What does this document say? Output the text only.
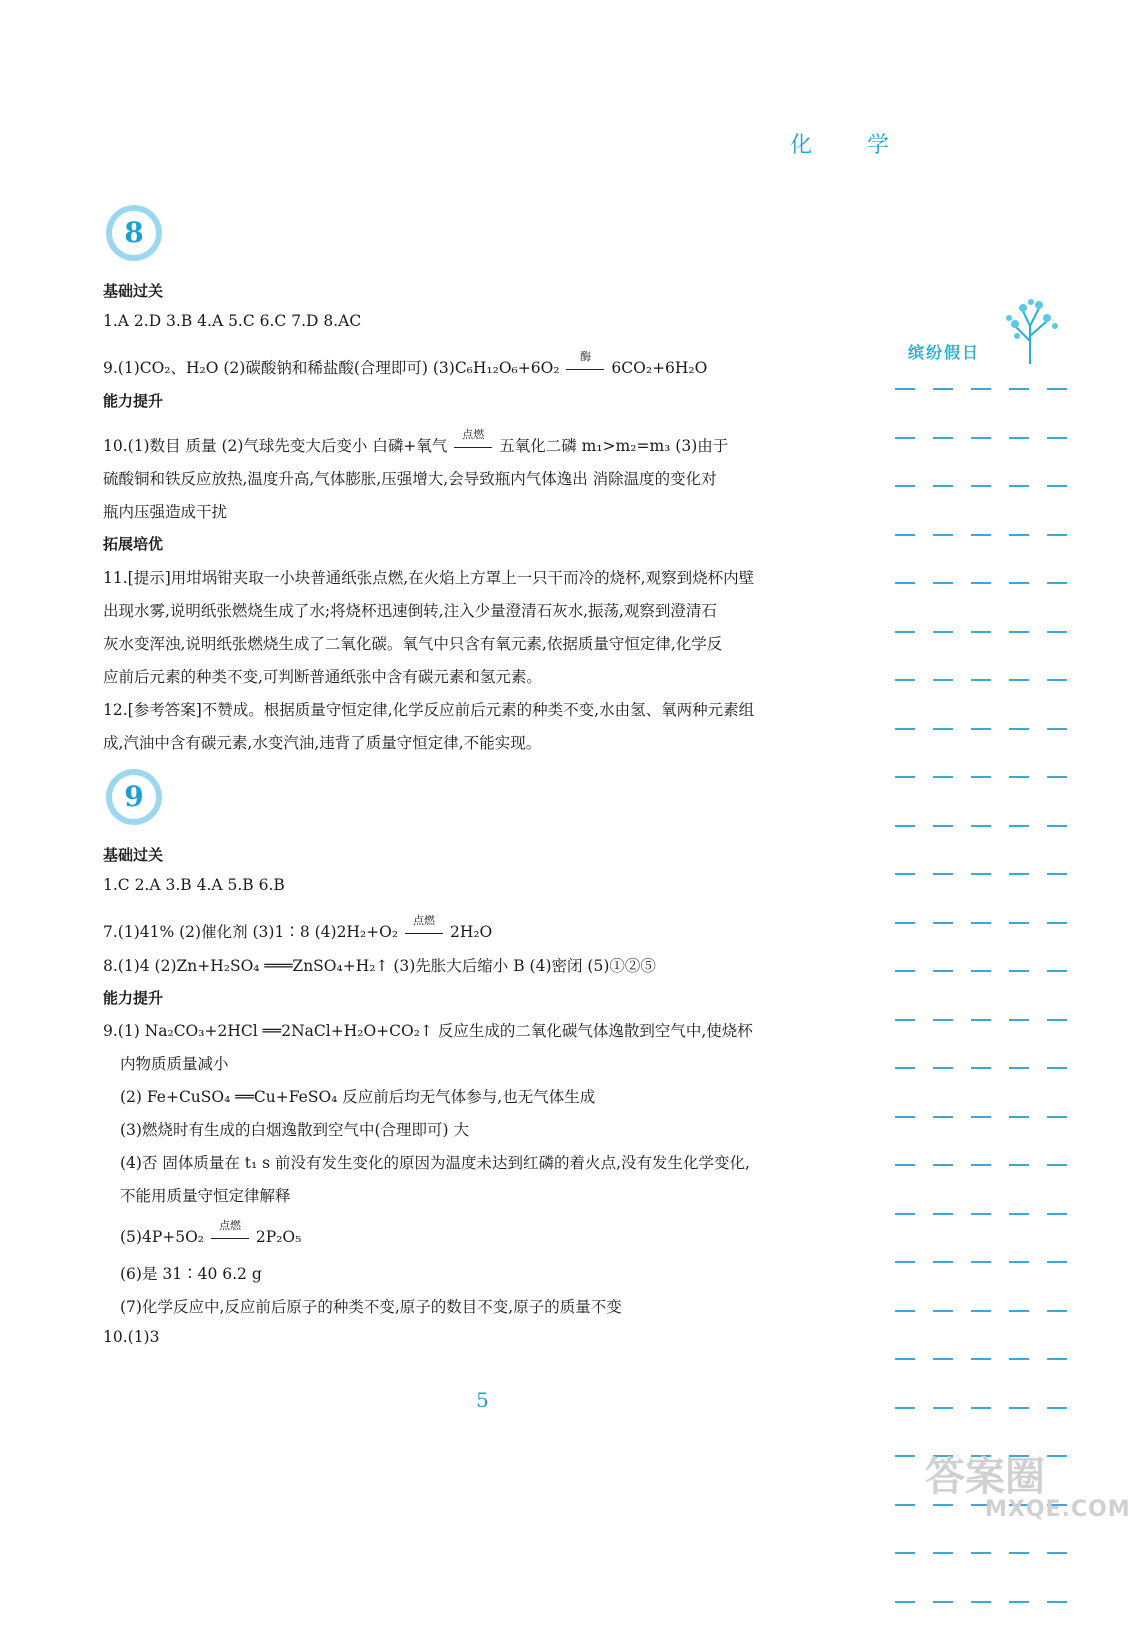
化 学
缤纷假日
8
基础过关
1.A 2.D 3.B 4.A 5.C 6.C 7.D 8.AC
9.(1)CO₂、H₂O (2)碳酸钠和稀盐酸(合理即可) (3)C₆H₁₂O₆+6O₂
酶
6CO₂+6H₂O
能力提升
10.(1)数目 质量 (2)气球先变大后变小 白磷+氧气
点燃
五氧化二磷 m₁>m₂=m₃ (3)由于
硫酸铜和铁反应放热,温度升高,气体膨胀,压强增大,会导致瓶内气体逸出 消除温度的变化对
瓶内压强造成干扰
拓展培优
11.[提示]用坩埚钳夹取一小块普通纸张点燃,在火焰上方罩上一只干而冷的烧杯,观察到烧杯内壁
出现水雾,说明纸张燃烧生成了水;将烧杯迅速倒转,注入少量澄清石灰水,振荡,观察到澄清石
灰水变浑浊,说明纸张燃烧生成了二氧化碳。氧气中只含有氧元素,依据质量守恒定律,化学反
应前后元素的种类不变,可判断普通纸张中含有碳元素和氢元素。
12.[参考答案]不赞成。根据质量守恒定律,化学反应前后元素的种类不变,水由氢、氧两种元素组
成,汽油中含有碳元素,水变汽油,违背了质量守恒定律,不能实现。
9
基础过关
1.C 2.A 3.B 4.A 5.B 6.B
7.(1)41% (2)催化剂 (3)1∶8 (4)2H₂+O₂
点燃
2H₂O
8.(1)4 (2)Zn+H₂SO₄ ═══ZnSO₄+H₂↑ (3)先胀大后缩小 B (4)密闭 (5)①②⑤
能力提升
9.(1) Na₂CO₃+2HCl ══2NaCl+H₂O+CO₂↑ 反应生成的二氧化碳气体逸散到空气中,使烧杯
内物质质量减小
(2) Fe+CuSO₄ ══Cu+FeSO₄ 反应前后均无气体参与,也无气体生成
(3)燃烧时有生成的白烟逸散到空气中(合理即可) 大
(4)否 固体质量在 t₁ s 前没有发生变化的原因为温度未达到红磷的着火点,没有发生化学变化,
不能用质量守恒定律解释
(5)4P+5O₂
点燃
2P₂O₅
(6)是 31∶40 6.2 g
(7)化学反应中,反应前后原子的种类不变,原子的数目不变,原子的质量不变
10.(1)3
5
答案圈
MXQE.COM
